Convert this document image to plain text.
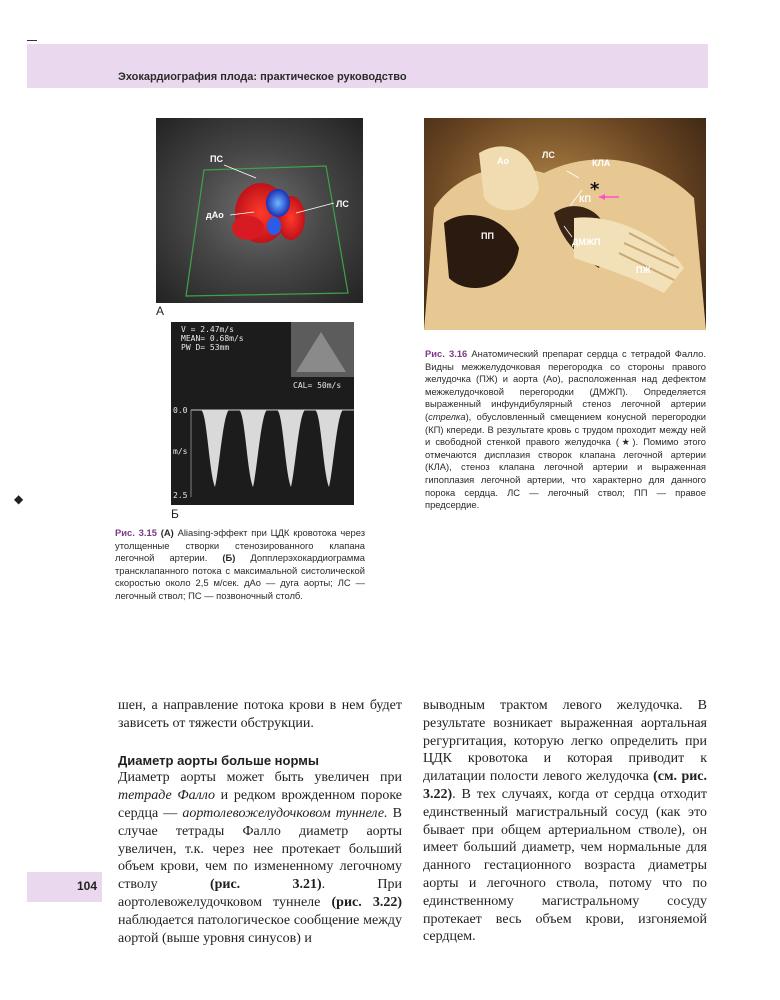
Эхокардиография плода: практическое руководство
◆
ПС
дАо
ЛС
А
V = 2.47m/s
MEAN= 0.68m/s
PW D= 53mm
CAL= 50m/s
0.0
m/s
2.5
Б
Рис. 3.15 (А) Aliasing-эффект при ЦДК кровотока через утолщенные створки стенозированного клапана легочной артерии. (Б) Допплерэхокардиограмма трансклапанного потока с максимальной систолической скоростью около 2,5 м/сек. дАо — дуга аорты; ЛС — легочный ствол; ПС — позвоночный столб.
Ао
ЛС
КЛА
*
КП
ПП
ДМЖП
ПЖ
Рис. 3.16 Анатомический препарат сердца с тетрадой Фалло. Видны межжелудочковая перегородка со стороны правого желудочка (ПЖ) и аорта (Ао), расположенная над дефектом межжелудочковой перегородки (ДМЖП). Определяется выраженный инфундибулярный стеноз легочной артерии (стрелка), обусловленный смещением конусной перегородки (КП) кпереди. В результате кровь с трудом проходит между ней и свободной стенкой правого желудочка (★). Помимо этого отмечаются дисплазия створок клапана легочной артерии (КЛА), стеноз клапана легочной артерии и выраженная гипоплазия легочной артерии, что характерно для данного порока сердца. ЛС — легочный ствол; ПП — правое предсердие.
шен, а направление потока крови в нем будет зависеть от тяжести обструкции.
Диаметр аорты больше нормы
Диаметр аорты может быть увеличен при тетраде Фалло и редком врожденном пороке сердца — аортолевожелудочковом туннеле. В случае тетрады Фалло диаметр аорты увеличен, т.к. через нее протекает больший объем крови, чем по измененному легочному стволу (рис. 3.21). При аортолевожелудочковом туннеле (рис. 3.22) наблюдается патологическое сообщение между аортой (выше уровня синусов) и
выводным трактом левого желудочка. В результате возникает выраженная аортальная регургитация, которую легко определить при ЦДК кровотока и которая приводит к дилатации полости левого желудочка (см. рис. 3.22). В тех случаях, когда от сердца отходит единственный магистральный сосуд (как это бывает при общем артериальном стволе), он имеет больший диаметр, чем нормальные для данного гестационного возраста диаметры аорты и легочного ствола, потому что по единственному магистральному сосуду протекает весь объем крови, изгоняемой сердцем.
104
